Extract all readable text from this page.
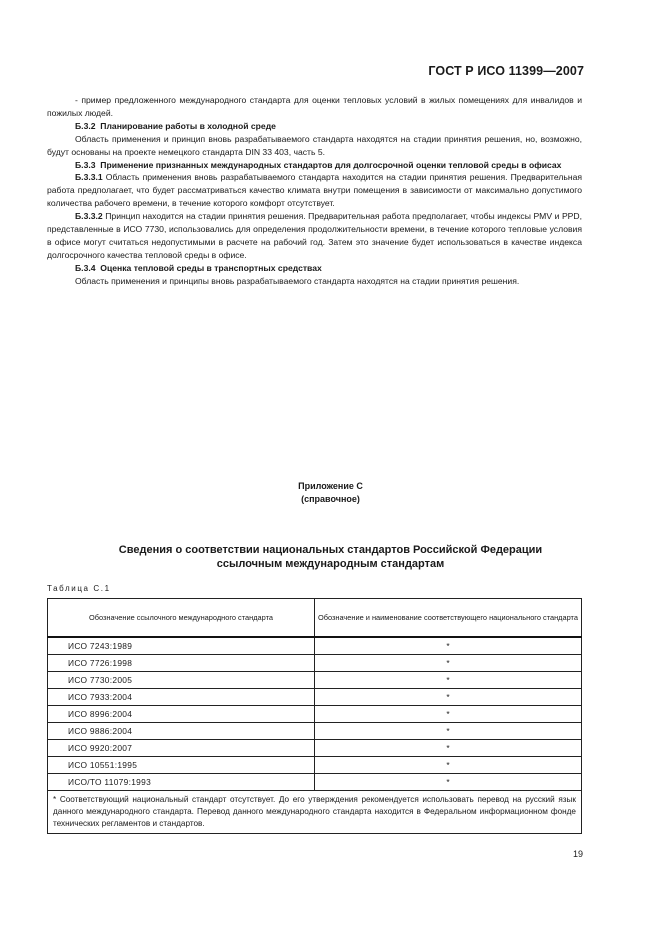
ГОСТ Р ИСО 11399—2007

- пример предложенного международного стандарта для оценки тепловых условий в жилых помещениях для инвалидов и пожилых людей.

Б.3.2 Планирование работы в холодной среде

Область применения и принцип вновь разрабатываемого стандарта находятся на стадии принятия решения, но, возможно, будут основаны на проекте немецкого стандарта DIN 33 403, часть 5.

Б.3.3 Применение признанных международных стандартов для долгосрочной оценки тепловой среды в офисах

Б.3.3.1 Область применения вновь разрабатываемого стандарта находится на стадии принятия решения. Предварительная работа предполагает, что будет рассматриваться качество климата внутри помещения в зависимости от максимально допустимого количества рабочего времени, в течение которого комфорт отсутствует.

Б.3.3.2 Принцип находится на стадии принятия решения. Предварительная работа предполагает, чтобы индексы PMV и PPD, представленные в ИСО 7730, использовались для определения продолжительности времени, в течение которого тепловые условия в офисе могут считаться недопустимыми в расчете на рабочий год. Затем это значение будет использоваться в качестве индекса долгосрочного качества тепловой среды в офисе.

Б.3.4 Оценка тепловой среды в транспортных средствах

Область применения и принципы вновь разрабатываемого стандарта находятся на стадии принятия решения.

Приложение С
(справочное)
Сведения о соответствии национальных стандартов Российской Федерации
ссылочным международным стандартам
Таблица С.1
Обозначение ссылочного международного стандарта	Обозначение и наименование соответствующего национального стандарта
ИСО 7243:1989	*
ИСО 7726:1998	*
ИСО 7730:2005	*
ИСО 7933:2004	*
ИСО 8996:2004	*
ИСО 9886:2004	*
ИСО 9920:2007	*
ИСО 10551:1995	*
ИСО/ТО 11079:1993	*
* Соответствующий национальный стандарт отсутствует. До его утверждения рекомендуется использовать перевод на русский язык данного международного стандарта. Перевод данного международного стандарта находится в Федеральном информационном фонде технических регламентов и стандартов.	
19
